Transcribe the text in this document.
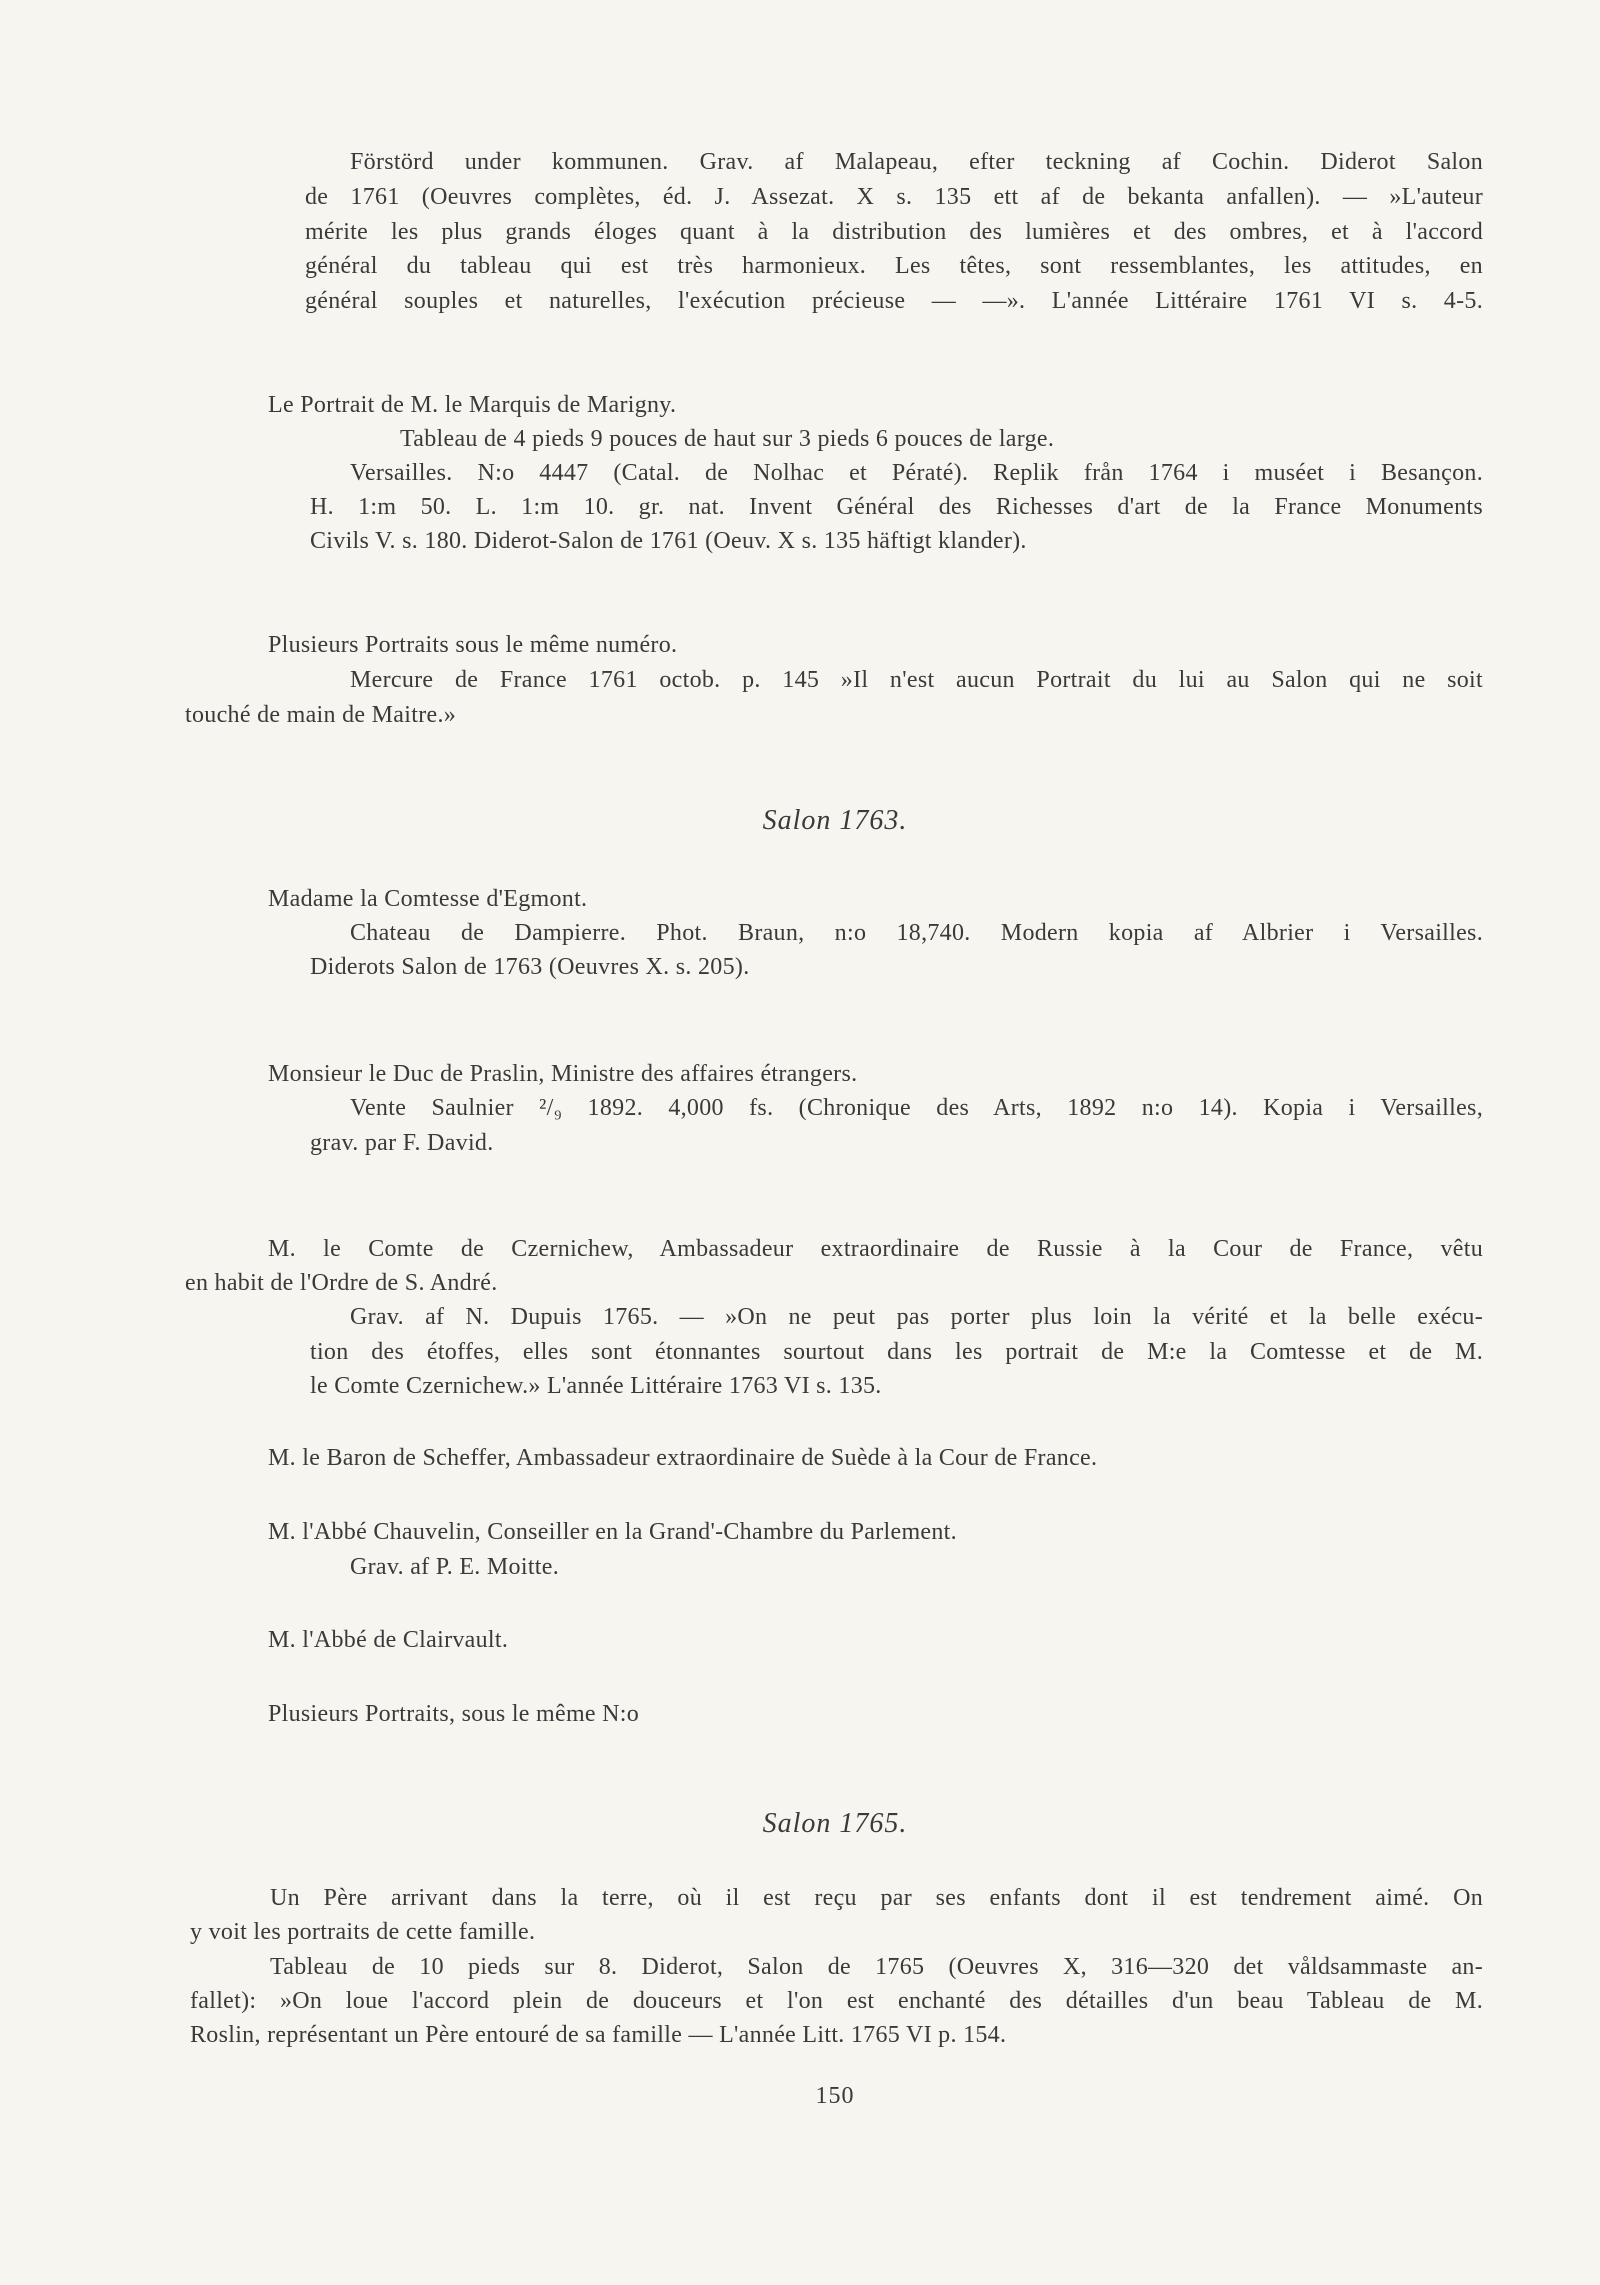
Förstörd under kommunen. Grav. af Malapeau, efter teckning af Cochin. Diderot Salon
de 1761 (Oeuvres complètes, éd. J. Assezat. X s. 135 ett af de bekanta anfallen). — »L'auteur
mérite les plus grands éloges quant à la distribution des lumières et des ombres, et à l'accord
général du tableau qui est très harmonieux. Les têtes, sont ressemblantes, les attitudes, en
général souples et naturelles, l'exécution précieuse — —». L'année Littéraire 1761 VI s. 4-5.
Le Portrait de M. le Marquis de Marigny.
Tableau de 4 pieds 9 pouces de haut sur 3 pieds 6 pouces de large.
Versailles. N:o 4447 (Catal. de Nolhac et Pératé). Replik från 1764 i muséet i Besançon.
H. 1:m 50. L. 1:m 10. gr. nat. Invent Général des Richesses d'art de la France Monuments
Civils V. s. 180. Diderot-Salon de 1761 (Oeuv. X s. 135 häftigt klander).
Plusieurs Portraits sous le même numéro.
Mercure de France 1761 octob. p. 145 »Il n'est aucun Portrait du lui au Salon qui ne soit
touché de main de Maitre.»
Salon 1763.
Madame la Comtesse d'Egmont.
Chateau de Dampierre. Phot. Braun, n:o 18,740. Modern kopia af Albrier i Versailles.
Diderots Salon de 1763 (Oeuvres X. s. 205).
Monsieur le Duc de Praslin, Ministre des affaires étrangers.
Vente Saulnier ²/₉ 1892. 4,000 fs. (Chronique des Arts, 1892 n:o 14). Kopia i Versailles,
grav. par F. David.
M. le Comte de Czernichew, Ambassadeur extraordinaire de Russie à la Cour de France, vêtu
en habit de l'Ordre de S. André.
Grav. af N. Dupuis 1765. — »On ne peut pas porter plus loin la vérité et la belle exécu-
tion des étoffes, elles sont étonnantes sourtout dans les portrait de M:e la Comtesse et de M.
le Comte Czernichew.» L'année Littéraire 1763 VI s. 135.
M. le Baron de Scheffer, Ambassadeur extraordinaire de Suède à la Cour de France.
M. l'Abbé Chauvelin, Conseiller en la Grand'-Chambre du Parlement.
Grav. af P. E. Moitte.
M. l'Abbé de Clairvault.
Plusieurs Portraits, sous le même N:o
Salon 1765.
Un Père arrivant dans la terre, où il est reçu par ses enfants dont il est tendrement aimé. On
y voit les portraits de cette famille.
Tableau de 10 pieds sur 8. Diderot, Salon de 1765 (Oeuvres X, 316—320 det våldsammaste an-
fallet): »On loue l'accord plein de douceurs et l'on est enchanté des détailles d'un beau Tableau de M.
Roslin, représentant un Père entouré de sa famille — L'année Litt. 1765 VI p. 154.
150
